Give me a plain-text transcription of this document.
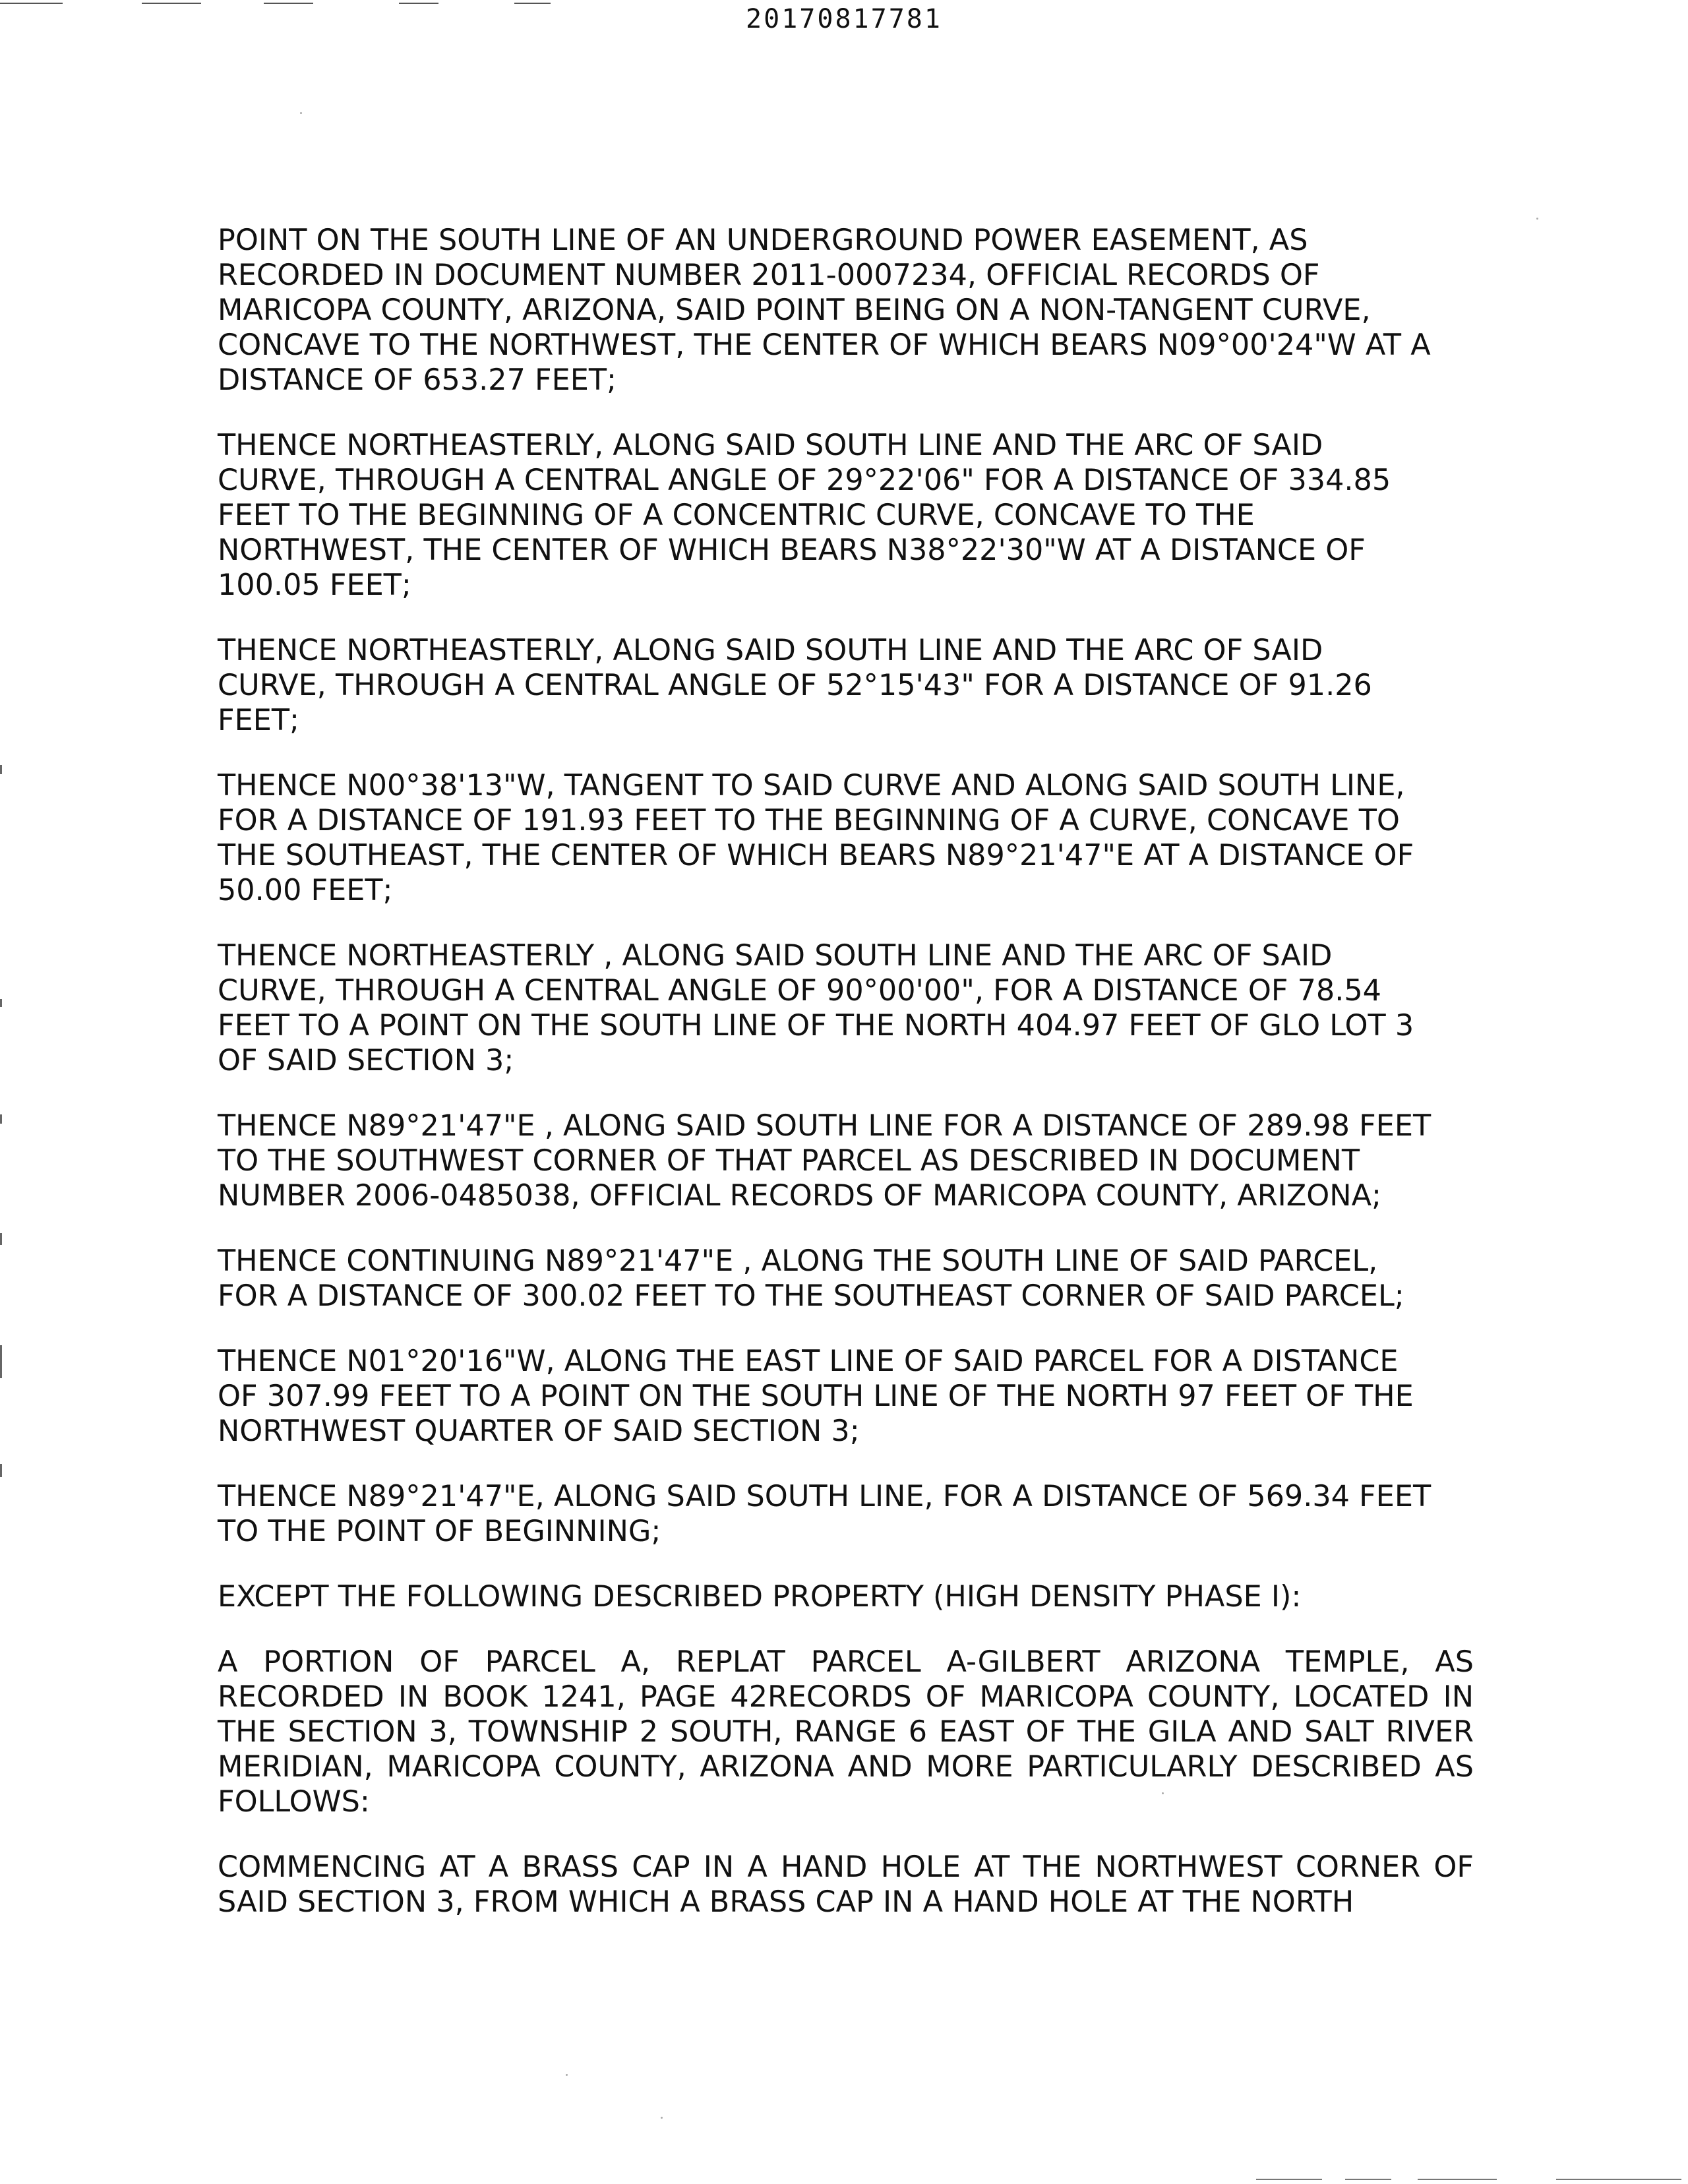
20170817781

POINT ON THE SOUTH LINE OF AN UNDERGROUND POWER EASEMENT, AS
RECORDED IN DOCUMENT NUMBER 2011-0007234, OFFICIAL RECORDS OF
MARICOPA COUNTY, ARIZONA, SAID POINT BEING ON A NON-TANGENT CURVE,
CONCAVE TO THE NORTHWEST, THE CENTER OF WHICH BEARS N09°00'24"W AT A
DISTANCE OF 653.27 FEET;

THENCE NORTHEASTERLY, ALONG SAID SOUTH LINE AND THE ARC OF SAID
CURVE, THROUGH A CENTRAL ANGLE OF 29°22'06" FOR A DISTANCE OF 334.85
FEET TO THE BEGINNING OF A CONCENTRIC CURVE, CONCAVE TO THE
NORTHWEST, THE CENTER OF WHICH BEARS N38°22'30"W AT A DISTANCE OF
100.05 FEET;

THENCE NORTHEASTERLY, ALONG SAID SOUTH LINE AND THE ARC OF SAID
CURVE, THROUGH A CENTRAL ANGLE OF 52°15'43" FOR A DISTANCE OF 91.26
FEET;

THENCE N00°38'13"W, TANGENT TO SAID CURVE AND ALONG SAID SOUTH LINE,
FOR A DISTANCE OF 191.93 FEET TO THE BEGINNING OF A CURVE, CONCAVE TO
THE SOUTHEAST, THE CENTER OF WHICH BEARS N89°21'47"E AT A DISTANCE OF
50.00 FEET;

THENCE NORTHEASTERLY , ALONG SAID SOUTH LINE AND THE ARC OF SAID
CURVE, THROUGH A CENTRAL ANGLE OF 90°00'00", FOR A DISTANCE OF 78.54
FEET TO A POINT ON THE SOUTH LINE OF THE NORTH 404.97 FEET OF GLO LOT 3
OF SAID SECTION 3;

THENCE N89°21'47"E , ALONG SAID SOUTH LINE FOR A DISTANCE OF 289.98 FEET
TO THE SOUTHWEST CORNER OF THAT PARCEL AS DESCRIBED IN DOCUMENT
NUMBER 2006-0485038, OFFICIAL RECORDS OF MARICOPA COUNTY, ARIZONA;

THENCE CONTINUING N89°21'47"E , ALONG THE SOUTH LINE OF SAID PARCEL,
FOR A DISTANCE OF 300.02 FEET TO THE SOUTHEAST CORNER OF SAID PARCEL;

THENCE N01°20'16"W, ALONG THE EAST LINE OF SAID PARCEL FOR A DISTANCE
OF 307.99 FEET TO A POINT ON THE SOUTH LINE OF THE NORTH 97 FEET OF THE
NORTHWEST QUARTER OF SAID SECTION 3;

THENCE N89°21'47"E, ALONG SAID SOUTH LINE, FOR A DISTANCE OF 569.34 FEET
TO THE POINT OF BEGINNING;

EXCEPT THE FOLLOWING DESCRIBED PROPERTY (HIGH DENSITY PHASE I):

A PORTION OF PARCEL A, REPLAT PARCEL A-GILBERT ARIZONA TEMPLE, AS RECORDED IN BOOK 1241, PAGE 42RECORDS OF MARICOPA COUNTY, LOCATED IN THE SECTION 3, TOWNSHIP 2 SOUTH, RANGE 6 EAST OF THE GILA AND SALT RIVER MERIDIAN, MARICOPA COUNTY, ARIZONA AND MORE PARTICULARLY DESCRIBED AS FOLLOWS:

COMMENCING AT A BRASS CAP IN A HAND HOLE AT THE NORTHWEST CORNER OF SAID SECTION 3, FROM WHICH A BRASS CAP IN A HAND HOLE AT THE NORTH
